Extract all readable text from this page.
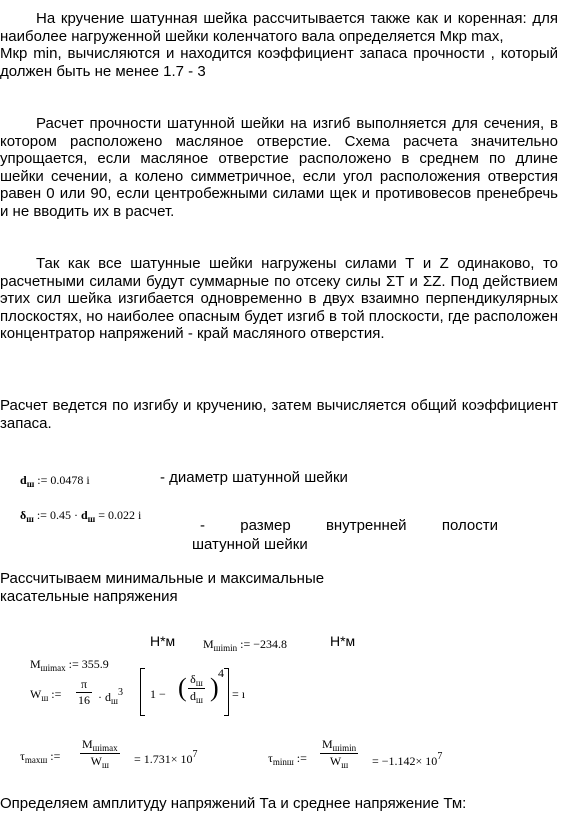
На кручение шатунная шейка рассчитывается также как и коренная: для наиболее нагруженной шейки коленчатого вала определяется Мкр max,
Мкр min, вычисляются и находится коэффициент запаса прочности , который должен быть не менее 1.7 - 3

Расчет прочности шатунной шейки на изгиб выполняется для сечения, в котором расположено масляное отверстие. Схема расчета значительно упрощается, если масляное отверстие расположено в среднем по длине шейки сечении, а колено симметричное, если угол расположения отверстия равен 0 или 90, если центробежными силами щек и противовесов пренебречь и не вводить их в расчет.

Так как все шатунные шейки нагружены силами Т и Z одинаково, то расчетными силами будут суммарные по отсеку силы ΣТ и ΣZ. Под действием этих сил шейка изгибается одновременно в двух взаимно перпендикулярных плоскостях, но наиболее опасным будет изгиб в той плоскости, где расположен концентратор напряжений - край масляного отверстия.

Расчет ведется по изгибу и кручению, затем вычисляется общий коэффициент запаса.

$d_ш$ := 0.0478 i	- диаметр шатунной шейки
$\delta_ш$ := $0.45 \cdot d_ш = 0.022$ i
- размер внутренней полости
шатунной шейки
Рассчитываем минимальные и максимальные касательные напряжения
H*м	H*м
$M_{шimin}$ := −234.8
$M_{шimax}$ := 355.9
$W_ш$ := $\frac{\pi}{16} \cdot d_ш^3$ 1 − ( $\frac{\delta_ш}{d_ш}$ ) 4
= ı
$\tau_{maxш}$ := $\frac{M_{шimax}}{W_ш} = 1.731\times 10^7$	$\tau_{minш}$ := $\frac{M_{шimin}}{W_ш} = -1.142\times 10^7$
Определяем амплитуду напряжений Та и среднее напряжение Тм:
